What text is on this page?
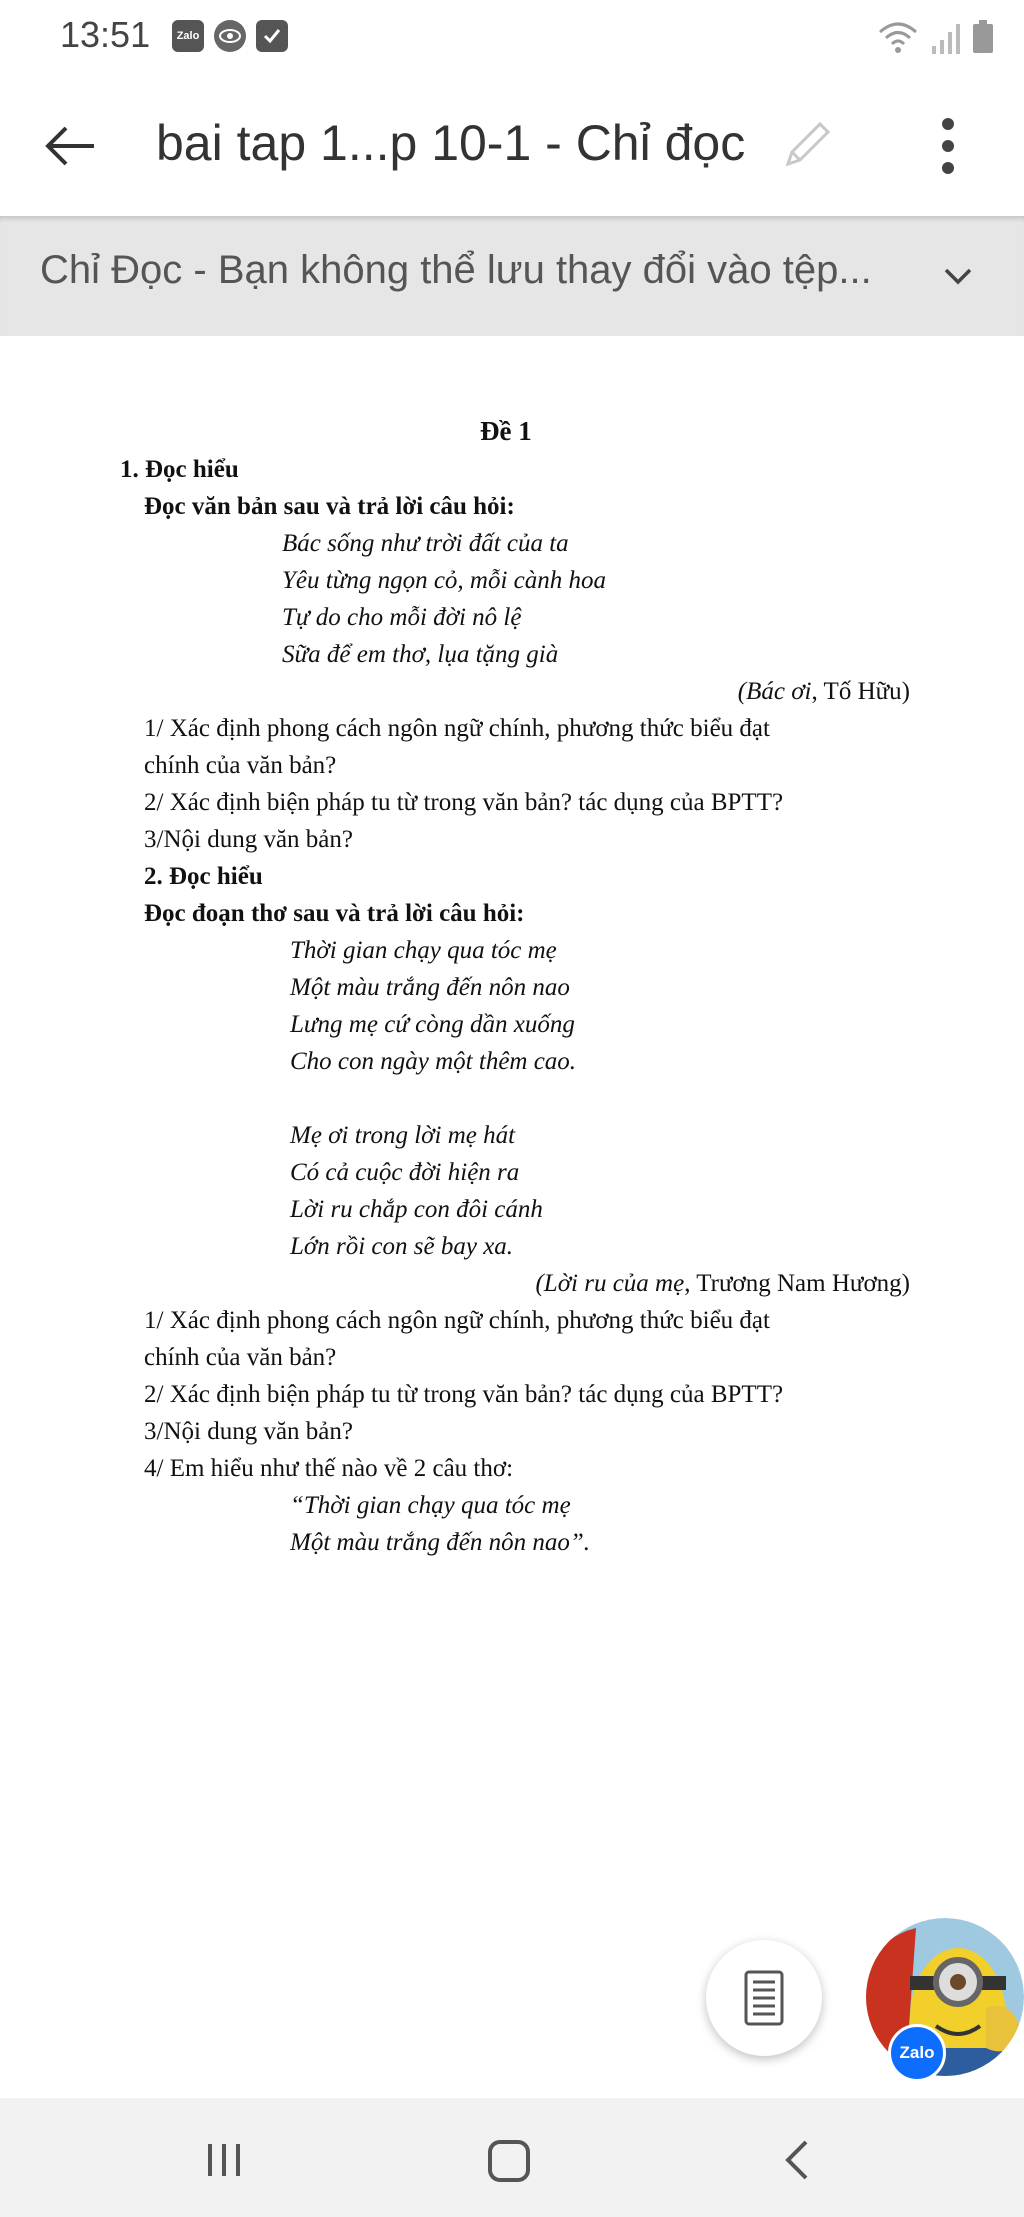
13:51 Zalo
bai tap 1...p 10-1 - Chỉ đọc
Chỉ Đọc - Bạn không thể lưu thay đổi vào tệp...
Đề 1
1. Đọc hiểu
Đọc văn bản sau và trả lời câu hỏi:
Bác sống như trời đất của ta
Yêu từng ngọn cỏ, mỗi cành hoa
Tự do cho mỗi đời nô lệ
Sữa để em thơ, lụa tặng già
(Bác ơi, Tố Hữu)
1/ Xác định phong cách ngôn ngữ chính, phương thức biểu đạt
chính của văn bản?
2/ Xác định biện pháp tu từ trong văn bản? tác dụng của BPTT?
3/Nội dung văn bản?
2. Đọc hiểu
Đọc đoạn thơ sau và trả lời câu hỏi:
Thời gian chạy qua tóc mẹ
Một màu trắng đến nôn nao
Lưng mẹ cứ còng dần xuống
Cho con ngày một thêm cao.
Mẹ ơi trong lời mẹ hát
Có cả cuộc đời hiện ra
Lời ru chắp con đôi cánh
Lớn rồi con sẽ bay xa.
(Lời ru của mẹ, Trương Nam Hương)
1/ Xác định phong cách ngôn ngữ chính, phương thức biểu đạt
chính của văn bản?
2/ Xác định biện pháp tu từ trong văn bản? tác dụng của BPTT?
3/Nội dung văn bản?
4/ Em hiểu như thế nào về 2 câu thơ:
“Thời gian chạy qua tóc mẹ
Một màu trắng đến nôn nao”.
Zalo
